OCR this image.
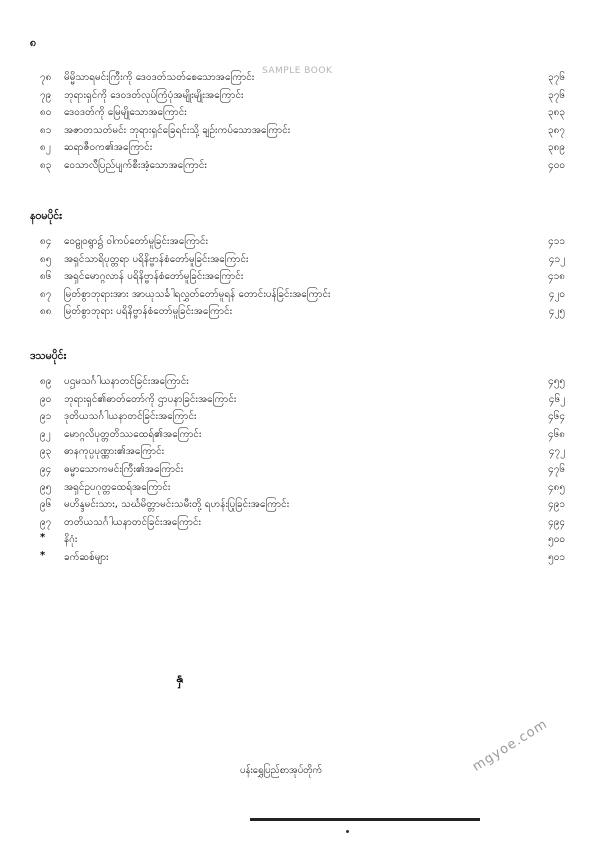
၈
SAMPLE BOOK
၇၈	မိမ္မိသာရမင်းကြီးကို ဒေဝဒတ်သတ်စေသောအကြောင်း	၃၇၆
၇၉	ဘုရားရှင်ကို ဒေဝဒတ်လုပ်ကြံပုံအမျိုးမျိုးအကြောင်း	၃၇၆
၈၀	ဒေဝဒတ်ကို မြေမျိုသောအကြောင်း	၃၈၃
၈၁	အဇာတသတ်မင်း ဘုရားရှင်ခြေရင်းသို့ ချဉ်းကပ်သောအကြောင်း	၃၈၇
၈၂	ဆရာဇီဝက၏အကြောင်း	၃၈၉
၈၃	ဝေသာလီပြည်ပျက်စီးအံ့သောအကြောင်း	၄၀၀
နဝမပိုင်း
၈၄	ဝေဠုဝရွာ၌ ဝါကပ်တော်မူခြင်းအကြောင်း	၄၁၁
၈၅	အရှင်သာရိပုတ္တရာ ပရိနိဗ္ဗာန်စံတော်မူခြင်းအကြောင်း	၄၁၂
၈၆	အရှင်မောဂ္ဂလာန် ပရိနိဗ္ဗာန်စံတော်မူခြင်းအကြောင်း	၄၁၈
၈၇	မြတ်စွာဘုရားအား အာယုသင်္ခါရလွှတ်တော်မူရန် တောင်းပန်ခြင်းအကြောင်း	၄၂၀
၈၈	မြတ်စွာဘုရား ပရိနိဗ္ဗာန်စံတော်မူခြင်းအကြောင်း	၄၂၅
ဒသမပိုင်း
၈၉	ပဌမသင်္ဂါယနာတင်ခြင်းအကြောင်း	၄၅၅
၉၀	ဘုရားရှင်၏ဓာတ်တော်ကို ဌာပနာခြင်းအကြောင်း	၄၆၂
၉၁	ဒုတိယသင်္ဂါယနာတင်ခြင်းအကြောင်း	၄၆၄
၉၂	မောဂ္ဂလိပုတ္တတိဿထေရ်၏အကြောင်း	၄၆၈
၉၃	ဓာနကုပ္ပပုဏ္ဏား၏အကြောင်း	၄၇၂
၉၄	ဓမ္မာသောကမင်းကြီး၏အကြောင်း	၄၇၆
၉၅	အရှင်ဥပဂုတ္တထေရ်အကြောင်း	၄၈၅
၉၆	မဟိန္ဒမင်းသား, သင်္ဃမိတ္တာမင်းသမီးတို့ ရဟန်းပြုခြင်းအကြောင်း	၄၉၁
၉၇	တတိယသင်္ဂါယနာတင်ခြင်းအကြောင်း	၄၉၄
*	နိဂုံး	၅၀၀
*	ခက်ဆစ်များ	၅၀၁
နှ
ပန်းရွှေပြည်စာအုပ်တိုက်	mgyoe.com
